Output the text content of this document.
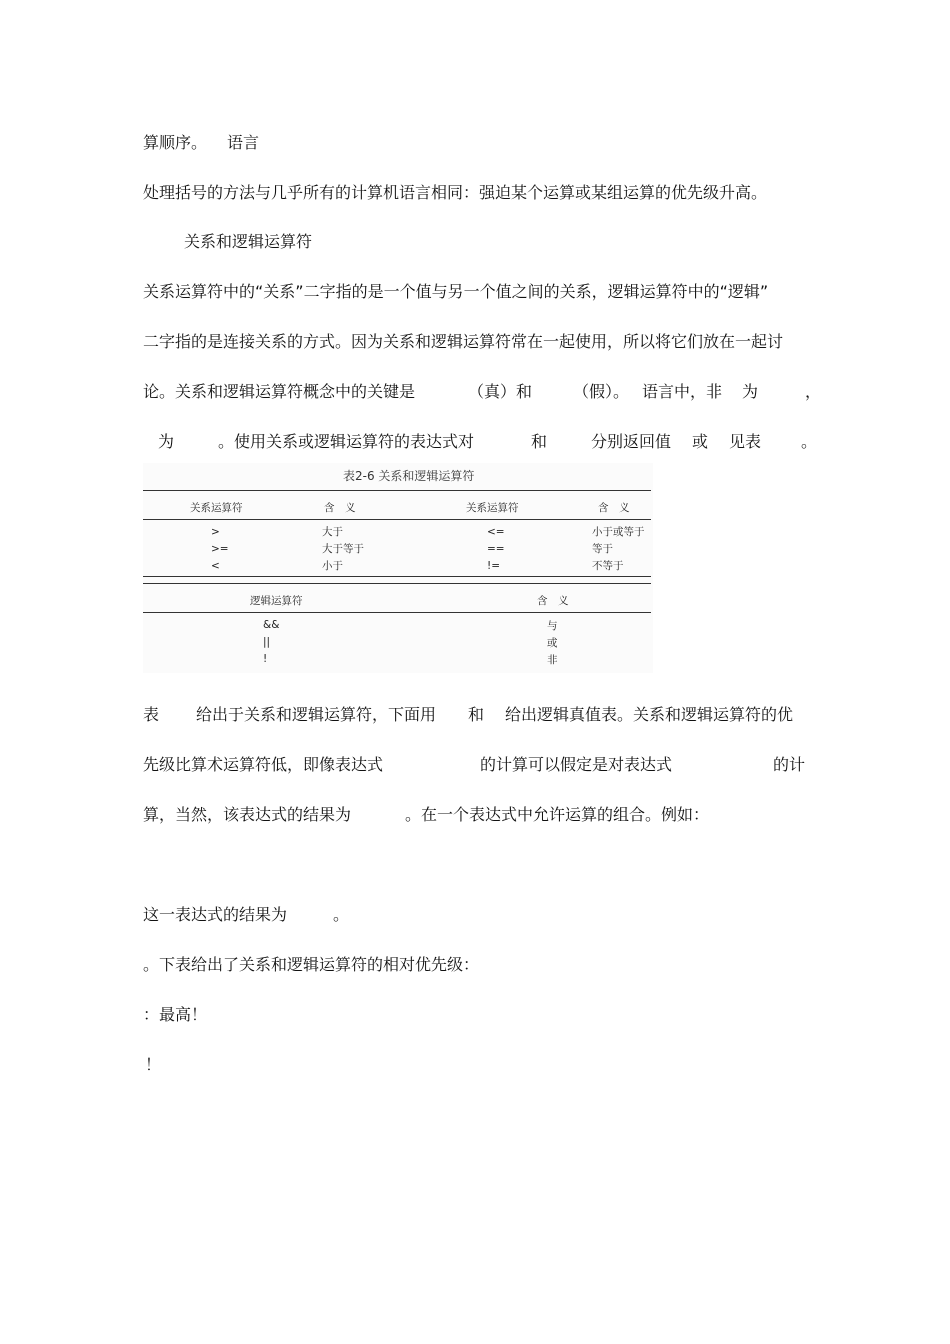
算顺序。 语言
处理括号的方法与几乎所有的计算机语言相同：强迫某个运算或某组运算的优先级升高。
关系和逻辑运算符
关系运算符中的“关系”二字指的是一个值与另一个值之间的关系，逻辑运算符中的“逻辑”
二字指的是连接关系的方式。因为关系和逻辑运算符常在一起使用，所以将它们放在一起讨
论。关系和逻辑运算符概念中的关键是	（真）和	（假）。 语言中，非 为	，
为	。使用关系或逻辑运算符的表达式对	和	分别返回值 或 见表 。
表 给出于关系和逻辑运算符，下面用 和 给出逻辑真值表。关系和逻辑运算符的优
先级比算术运算符低，即像表达式	的计算可以假定是对表达式	的计
算，当然，该表达式的结果为	。在一个表达式中允许运算的组合。例如：
这一表达式的结果为	。
。下表给出了关系和逻辑运算符的相对优先级：
：最高！
！
表2-6 关系和逻辑运算符
关系运算符	含　义	关系运算符	含　义
>	大于	<=	小于或等于
>=	大于等于	==	等于
<	小于	!=	不等于
逻辑运算符	含　义
&&	与
||	或
!	非
